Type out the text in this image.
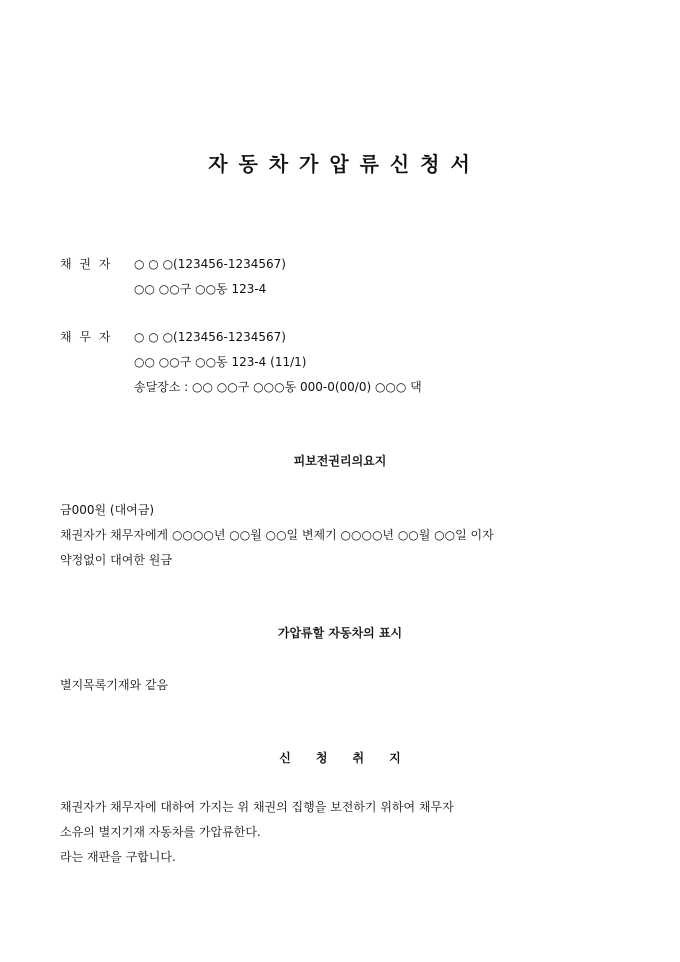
자 동 차 가 압 류 신 청 서
채 권 자 ○ ○ ○(123456-1234567)
○○ ○○구 ○○동 123-4
채 무 자 ○ ○ ○(123456-1234567)
○○ ○○구 ○○동 123-4 (11/1)
송달장소 : ○○ ○○구 ○○○동 000-0(00/0) ○○○ 댁
피보전권리의요지
금000원 (대여금)
채권자가 채무자에게 ○○○○년 ○○월 ○○일 변제기 ○○○○년 ○○월 ○○일 이자
약정없이 대여한 원금
가압류할 자동차의 표시
별지목록기재와 같음
신      청      취      지
채권자가 채무자에 대하여 가지는 위 채권의 집행을 보전하기 위하여 채무자
소유의 별지기재 자동차를 가압류한다.
라는 재판을 구합니다.
